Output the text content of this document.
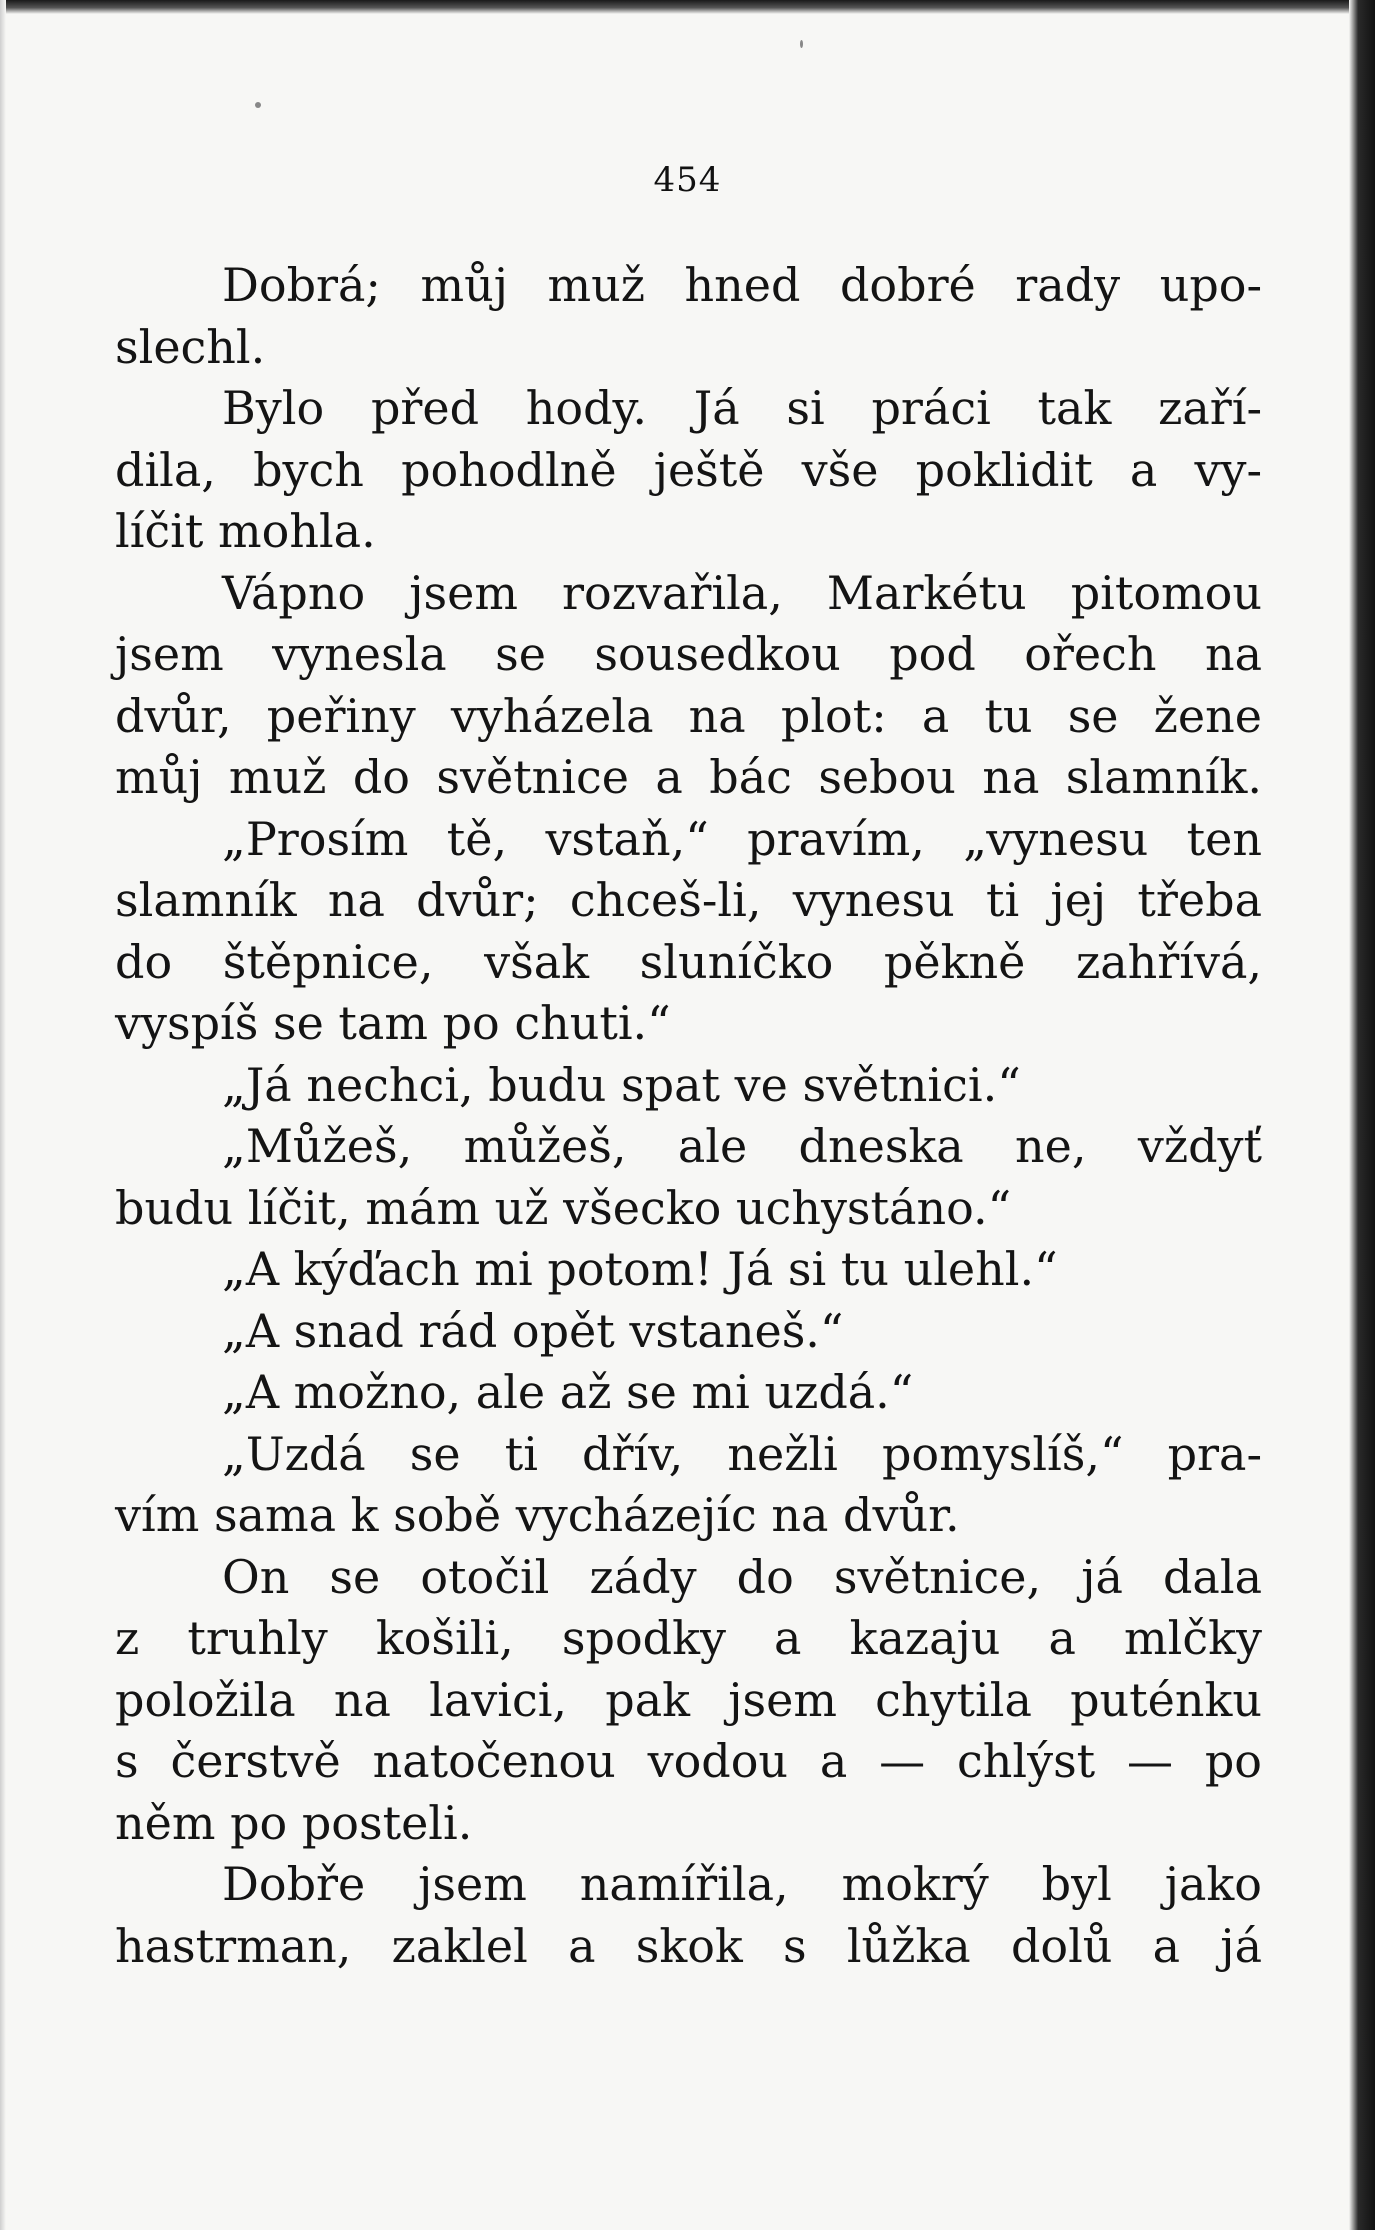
454
Dobrá; můj muž hned dobré rady upo-
slechl.
Bylo před hody. Já si práci tak zaří-
dila, bych pohodlně ještě vše poklidit a vy-
líčit mohla.
Vápno jsem rozvařila, Markétu pitomou
jsem vynesla se sousedkou pod ořech na
dvůr, peřiny vyházela na plot: a tu se žene
můj muž do světnice a bác sebou na slamník.
„Prosím tě, vstaň,“ pravím, „vynesu ten
slamník na dvůr; chceš-li, vynesu ti jej třeba
do štěpnice, však sluníčko pěkně zahřívá,
vyspíš se tam po chuti.“
„Já nechci, budu spat ve světnici.“
„Můžeš, můžeš, ale dneska ne, vždyť
budu líčit, mám už všecko uchystáno.“
„A kýďach mi potom! Já si tu ulehl.“
„A snad rád opět vstaneš.“
„A možno, ale až se mi uzdá.“
„Uzdá se ti dřív, nežli pomyslíš,“ pra-
vím sama k sobě vycházejíc na dvůr.
On se otočil zády do světnice, já dala
z truhly košili, spodky a kazaju a mlčky
položila na lavici, pak jsem chytila puténku
s čerstvě natočenou vodou a — chlýst — po
něm po posteli.
Dobře jsem namířila, mokrý byl jako
hastrman, zaklel a skok s lůžka dolů a já
